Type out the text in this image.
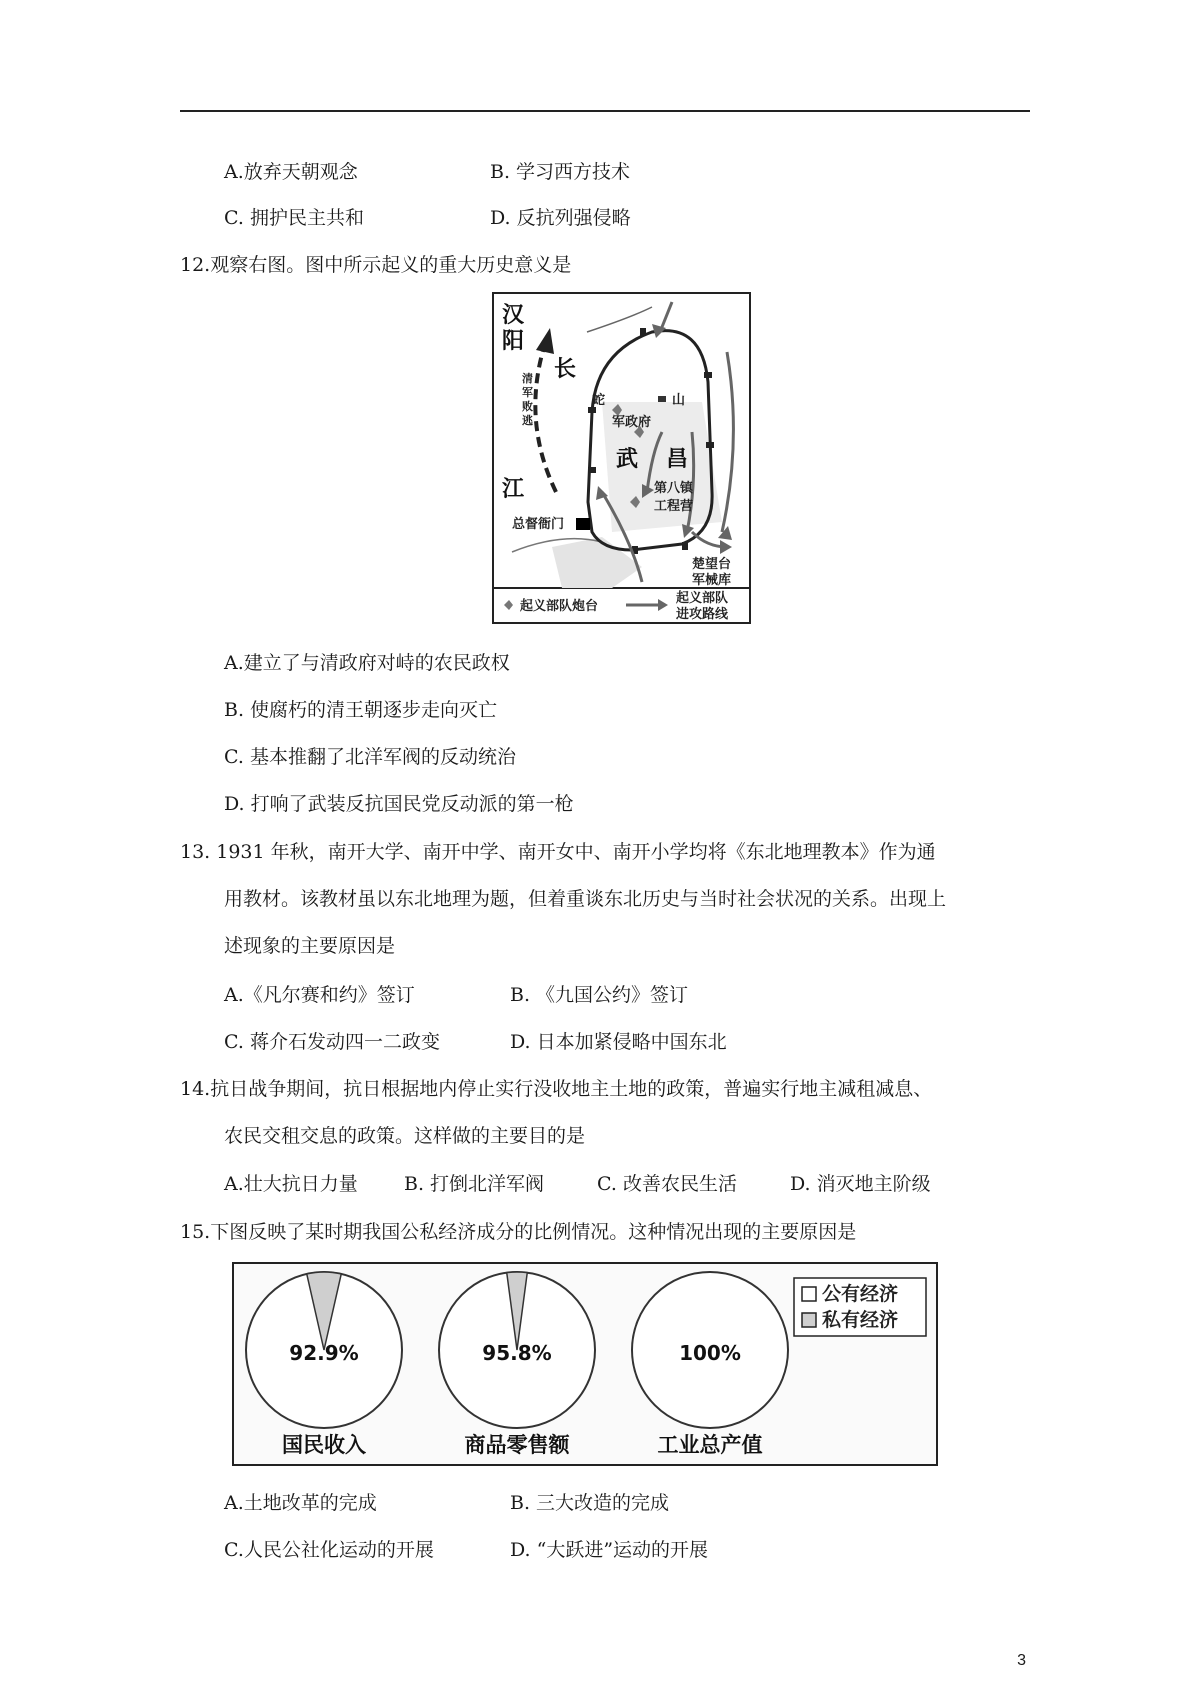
A.放弃天朝观念	B. 学习西方技术
C. 拥护民主共和	D. 反抗列强侵略
12.观察右图。图中所示起义的重大历史意义是
汉
阳
长
江
武 昌
清
军
败
逃
蛇	山
军政府
第八镇
工程营
总督衙门
楚望台
军械库
起义部队炮台
起义部队
进攻路线
A.建立了与清政府对峙的农民政权
B. 使腐朽的清王朝逐步走向灭亡
C. 基本推翻了北洋军阀的反动统治
D. 打响了武装反抗国民党反动派的第一枪
13. 1931 年秋，南开大学、南开中学、南开女中、南开小学均将《东北地理教本》作为通
用教材。该教材虽以东北地理为题，但着重谈东北历史与当时社会状况的关系。出现上
述现象的主要原因是
A.《凡尔赛和约》签订	B. 《九国公约》签订
C. 蒋介石发动四一二政变	D. 日本加紧侵略中国东北
14.抗日战争期间，抗日根据地内停止实行没收地主土地的政策，普遍实行地主减租减息、
农民交租交息的政策。这样做的主要目的是
A.壮大抗日力量 B. 打倒北洋军阀	C. 改善农民生活	D. 消灭地主阶级
15.下图反映了某时期我国公私经济成分的比例情况。这种情况出现的主要原因是
92.9%
国民收入
95.8%
商品零售额
100%
工业总产值
公有经济
私有经济
A.土地改革的完成	B. 三大改造的完成
C.人民公社化运动的开展	D. “大跃进”运动的开展
3
